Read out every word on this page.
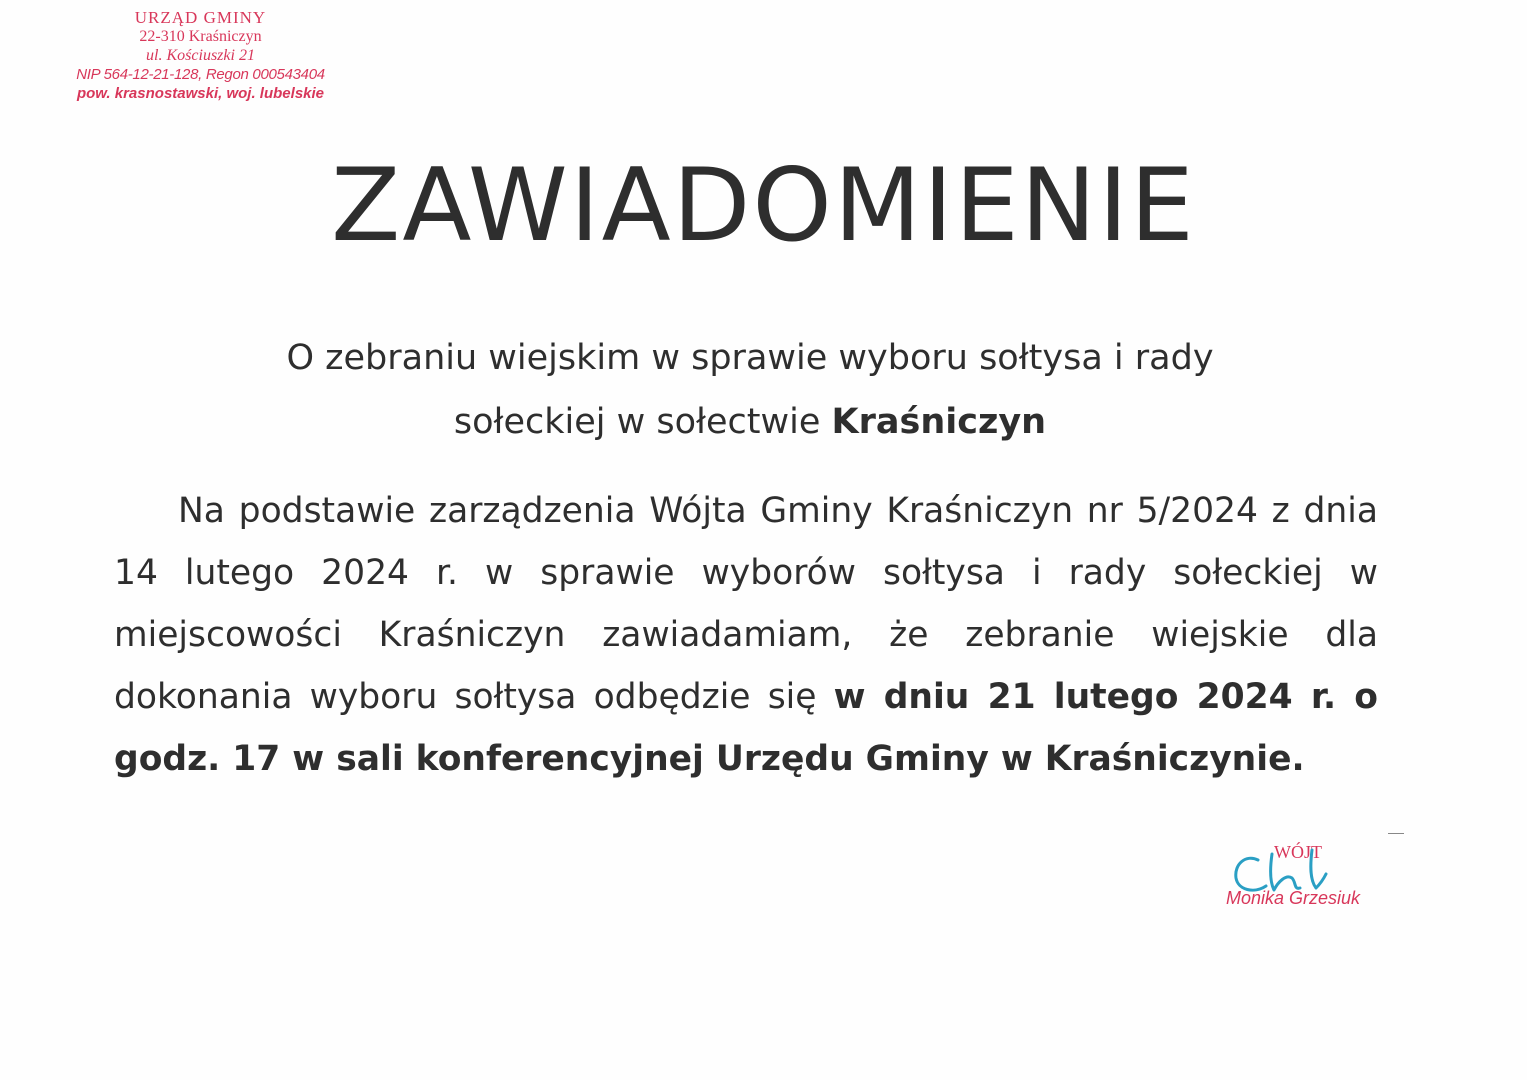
URZĄD GMINY
22-310 Kraśniczyn
ul. Kościuszki 21
NIP 564-12-21-128, Regon 000543404
pow. krasnostawski, woj. lubelskie
ZAWIADOMIENIE
O zebraniu wiejskim w sprawie wyboru sołtysa i rady
sołeckiej w sołectwie Kraśniczyn
Na podstawie zarządzenia Wójta Gminy Kraśniczyn nr 5/2024 z dnia 14 lutego 2024 r. w sprawie wyborów sołtysa i rady sołeckiej w miejscowości Kraśniczyn zawiadamiam, że zebranie wiejskie dla dokonania wyboru sołtysa odbędzie się w dniu 21 lutego 2024 r. o godz. 17 w sali konferencyjnej Urzędu Gminy w Kraśniczynie.
WÓJT
Monika Grzesiuk
